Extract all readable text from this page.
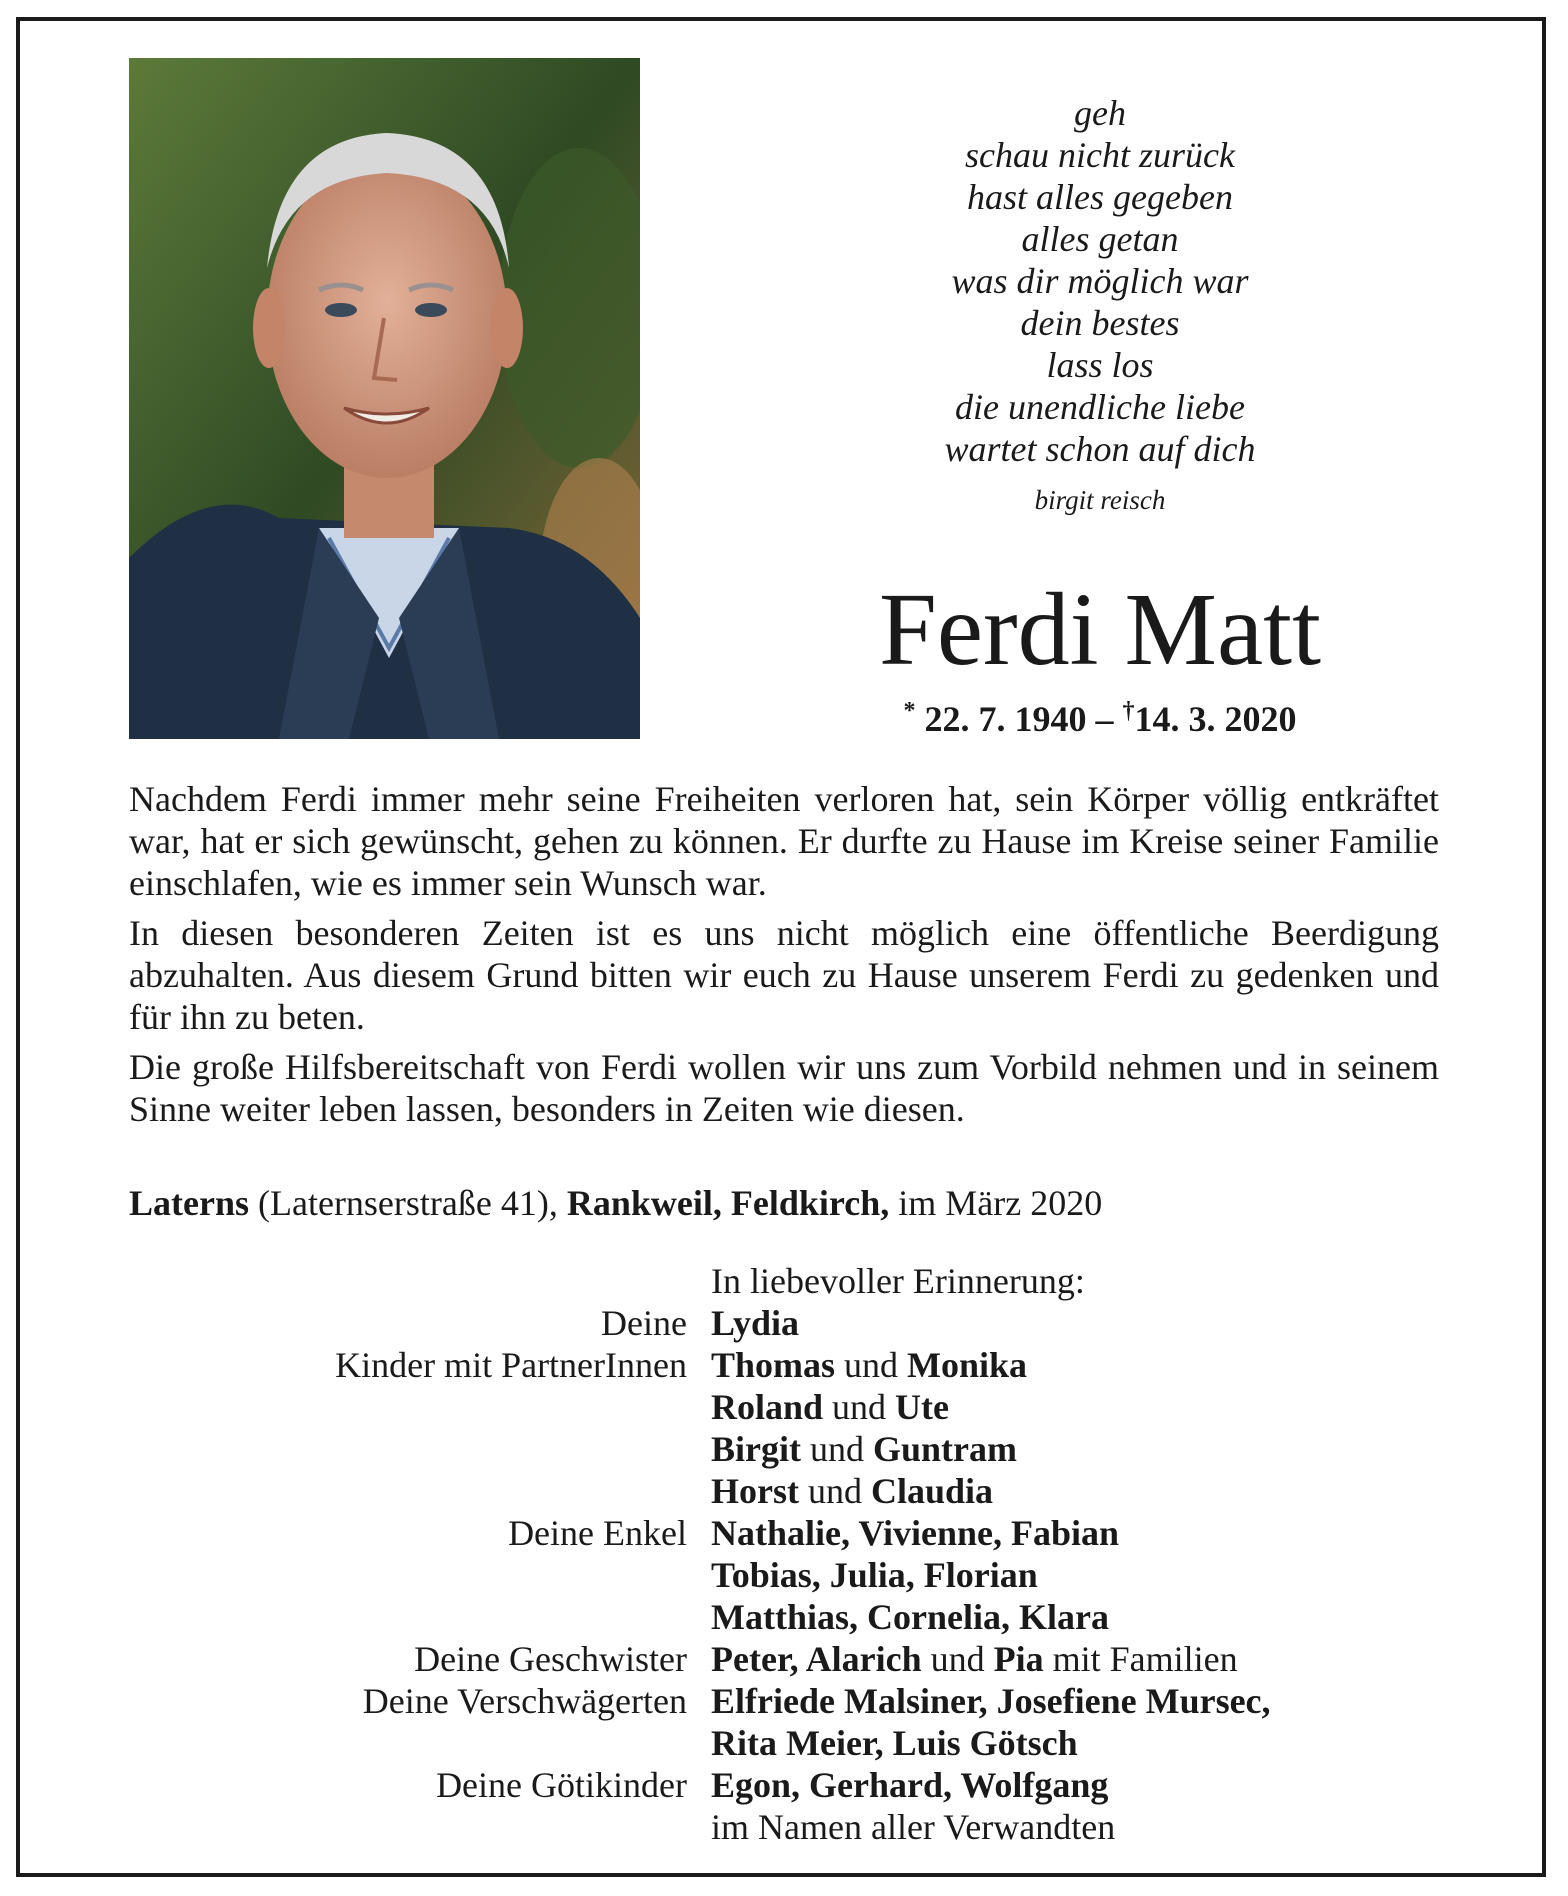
geh
schau nicht zurück
hast alles gegeben
alles getan
was dir möglich war
dein bestes
lass los
die unendliche liebe
wartet schon auf dich
birgit reisch
Ferdi Matt
* 22. 7. 1940 – †14. 3. 2020

Nachdem Ferdi immer mehr seine Freiheiten verloren hat, sein Körper völlig entkräftet war, hat er sich gewünscht, gehen zu können. Er durfte zu Hause im Kreise seiner Familie einschlafen, wie es immer sein Wunsch war.

In diesen besonderen Zeiten ist es uns nicht möglich eine öffentliche Beerdigung abzuhalten. Aus diesem Grund bitten wir euch zu Hause unserem Ferdi zu gedenken und für ihn zu beten.

Die große Hilfsbereitschaft von Ferdi wollen wir uns zum Vorbild nehmen und in seinem Sinne weiter leben lassen, besonders in Zeiten wie diesen.

Laterns (Laternserstraße 41), Rankweil, Feldkirch, im März 2020
In liebevoller Erinnerung:
Deine Lydia
Kinder mit PartnerInnen Thomas und Monika
Roland und Ute
Birgit und Guntram
Horst und Claudia
Deine Enkel Nathalie, Vivienne, Fabian
Tobias, Julia, Florian
Matthias, Cornelia, Klara
Deine Geschwister Peter, Alarich und Pia mit Familien
Deine Verschwägerten Elfriede Malsiner, Josefiene Mursec,
Rita Meier, Luis Götsch
Deine Götikinder Egon, Gerhard, Wolfgang
im Namen aller Verwandten
